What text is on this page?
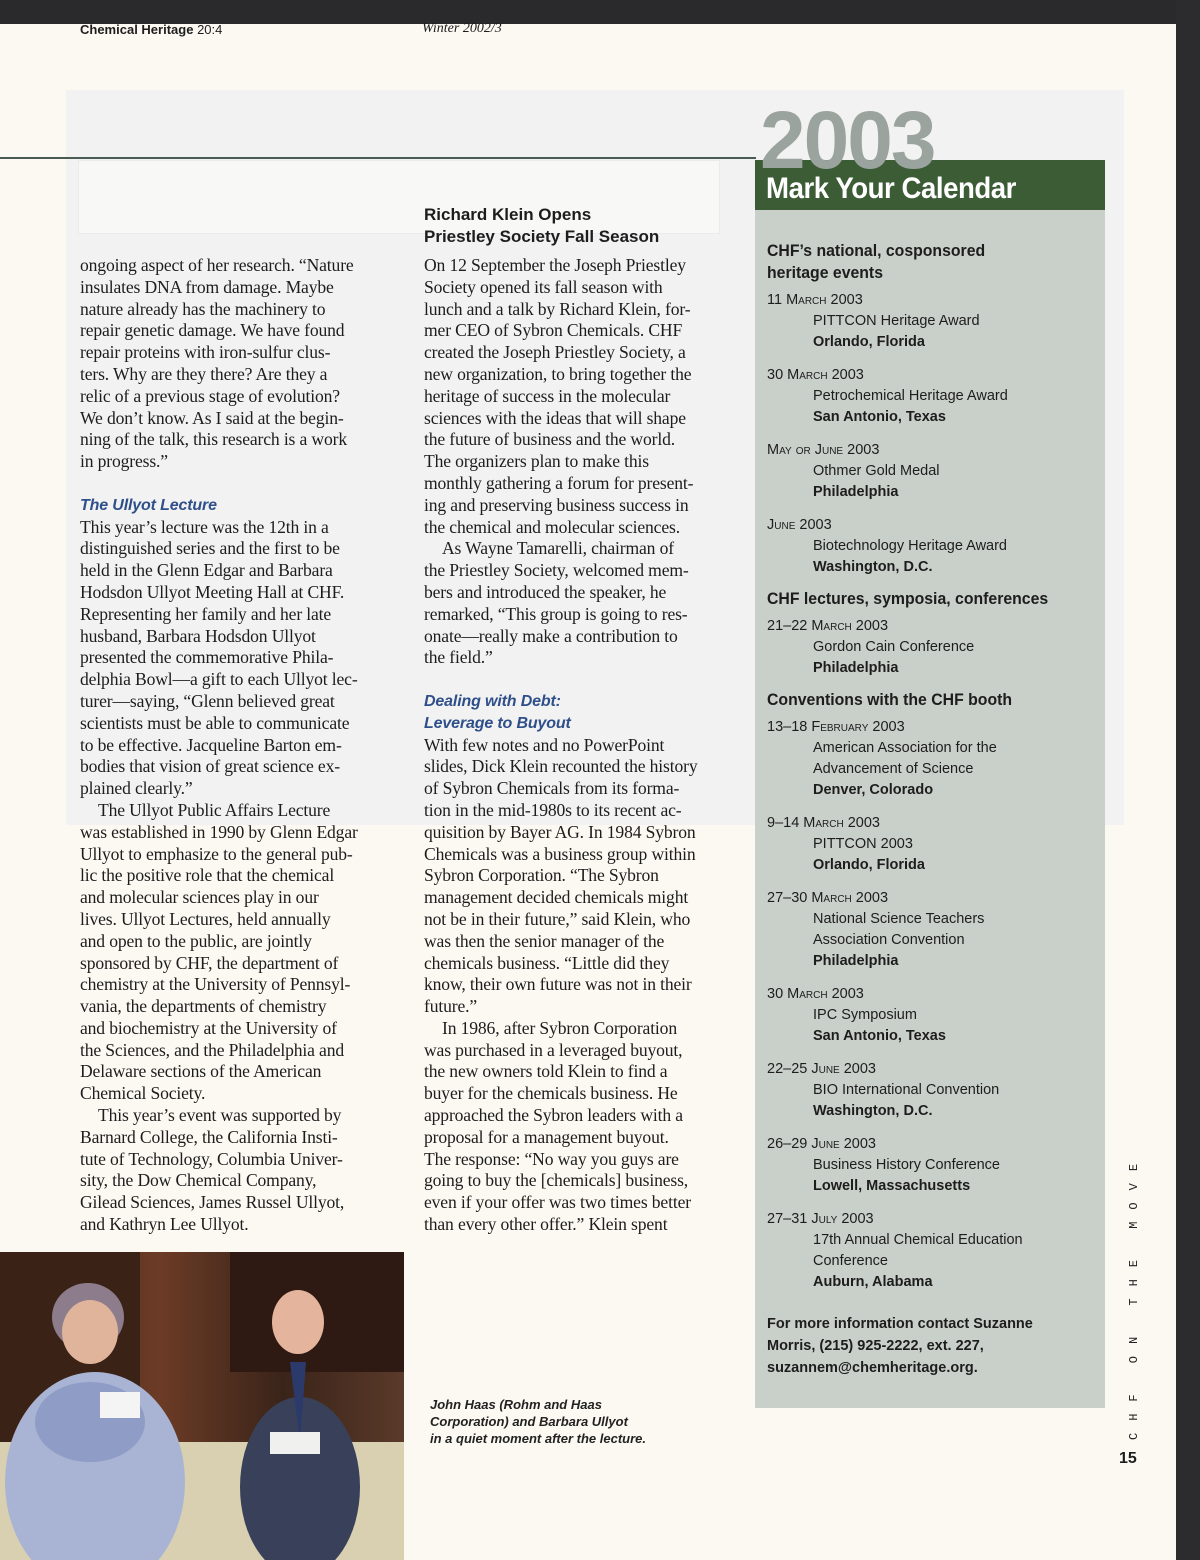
Chemical Heritage 20:4	Winter 2002/3
ongoing aspect of her research. “Nature
insulates DNA from damage. Maybe
nature already has the machinery to
repair genetic damage. We have found
repair proteins with iron-sulfur clus-
ters. Why are they there? Are they a
relic of a previous stage of evolution?
We don’t know. As I said at the begin-
ning of the talk, this research is a work
in progress.”

The Ullyot Lecture
This year’s lecture was the 12th in a
distinguished series and the first to be
held in the Glenn Edgar and Barbara
Hodsdon Ullyot Meeting Hall at CHF.
Representing her family and her late
husband, Barbara Hodsdon Ullyot
presented the commemorative Phila-
delphia Bowl—a gift to each Ullyot lec-
turer—saying, “Glenn believed great
scientists must be able to communicate
to be effective. Jacqueline Barton em-
bodies that vision of great science ex-
plained clearly.”
The Ullyot Public Affairs Lecture
was established in 1990 by Glenn Edgar
Ullyot to emphasize to the general pub-
lic the positive role that the chemical
and molecular sciences play in our
lives. Ullyot Lectures, held annually
and open to the public, are jointly
sponsored by CHF, the department of
chemistry at the University of Pennsyl-
vania, the departments of chemistry
and biochemistry at the University of
the Sciences, and the Philadelphia and
Delaware sections of the American
Chemical Society.
This year’s event was supported by
Barnard College, the California Insti-
tute of Technology, Columbia Univer-
sity, the Dow Chemical Company,
Gilead Sciences, James Russel Ullyot,
and Kathryn Lee Ullyot.
Richard Klein Opens
Priestley Society Fall Season
On 12 September the Joseph Priestley
Society opened its fall season with
lunch and a talk by Richard Klein, for-
mer CEO of Sybron Chemicals. CHF
created the Joseph Priestley Society, a
new organization, to bring together the
heritage of success in the molecular
sciences with the ideas that will shape
the future of business and the world.
The organizers plan to make this
monthly gathering a forum for present-
ing and preserving business success in
the chemical and molecular sciences.
As Wayne Tamarelli, chairman of
the Priestley Society, welcomed mem-
bers and introduced the speaker, he
remarked, “This group is going to res-
onate—really make a contribution to
the field.”

Dealing with Debt:
Leverage to Buyout
With few notes and no PowerPoint
slides, Dick Klein recounted the history
of Sybron Chemicals from its forma-
tion in the mid-1980s to its recent ac-
quisition by Bayer AG. In 1984 Sybron
Chemicals was a business group within
Sybron Corporation. “The Sybron
management decided chemicals might
not be in their future,” said Klein, who
was then the senior manager of the
chemicals business. “Little did they
know, their own future was not in their
future.”
In 1986, after Sybron Corporation
was purchased in a leveraged buyout,
the new owners told Klein to find a
buyer for the chemicals business. He
approached the Sybron leaders with a
proposal for a management buyout.
The response: “No way you guys are
going to buy the [chemicals] business,
even if your offer was two times better
than every other offer.” Klein spent
CHF’s national, cosponsored
heritage events
11 March 2003
PITTCON Heritage Award
Orlando, Florida
30 March 2003
Petrochemical Heritage Award
San Antonio, Texas
May or June 2003
Othmer Gold Medal
Philadelphia
June 2003
Biotechnology Heritage Award
Washington, D.C.
CHF lectures, symposia, conferences
21–22 March 2003
Gordon Cain Conference
Philadelphia
Conventions with the CHF booth
13–18 February 2003
American Association for the
Advancement of Science
Denver, Colorado
9–14 March 2003
PITTCON 2003
Orlando, Florida
27–30 March 2003
National Science Teachers
Association Convention
Philadelphia
30 March 2003
IPC Symposium
San Antonio, Texas
22–25 June 2003
BIO International Convention
Washington, D.C.
26–29 June 2003
Business History Conference
Lowell, Massachusetts
27–31 July 2003
17th Annual Chemical Education
Conference
Auburn, Alabama
For more information contact Suzanne
Morris, (215) 925-2222, ext. 227,
suzannem@chemheritage.org.
Mark Your Calendar
2003
John Haas (Rohm and Haas
Corporation) and Barbara Ullyot
in a quiet moment after the lecture.	CHF ON THE MOVE
15
